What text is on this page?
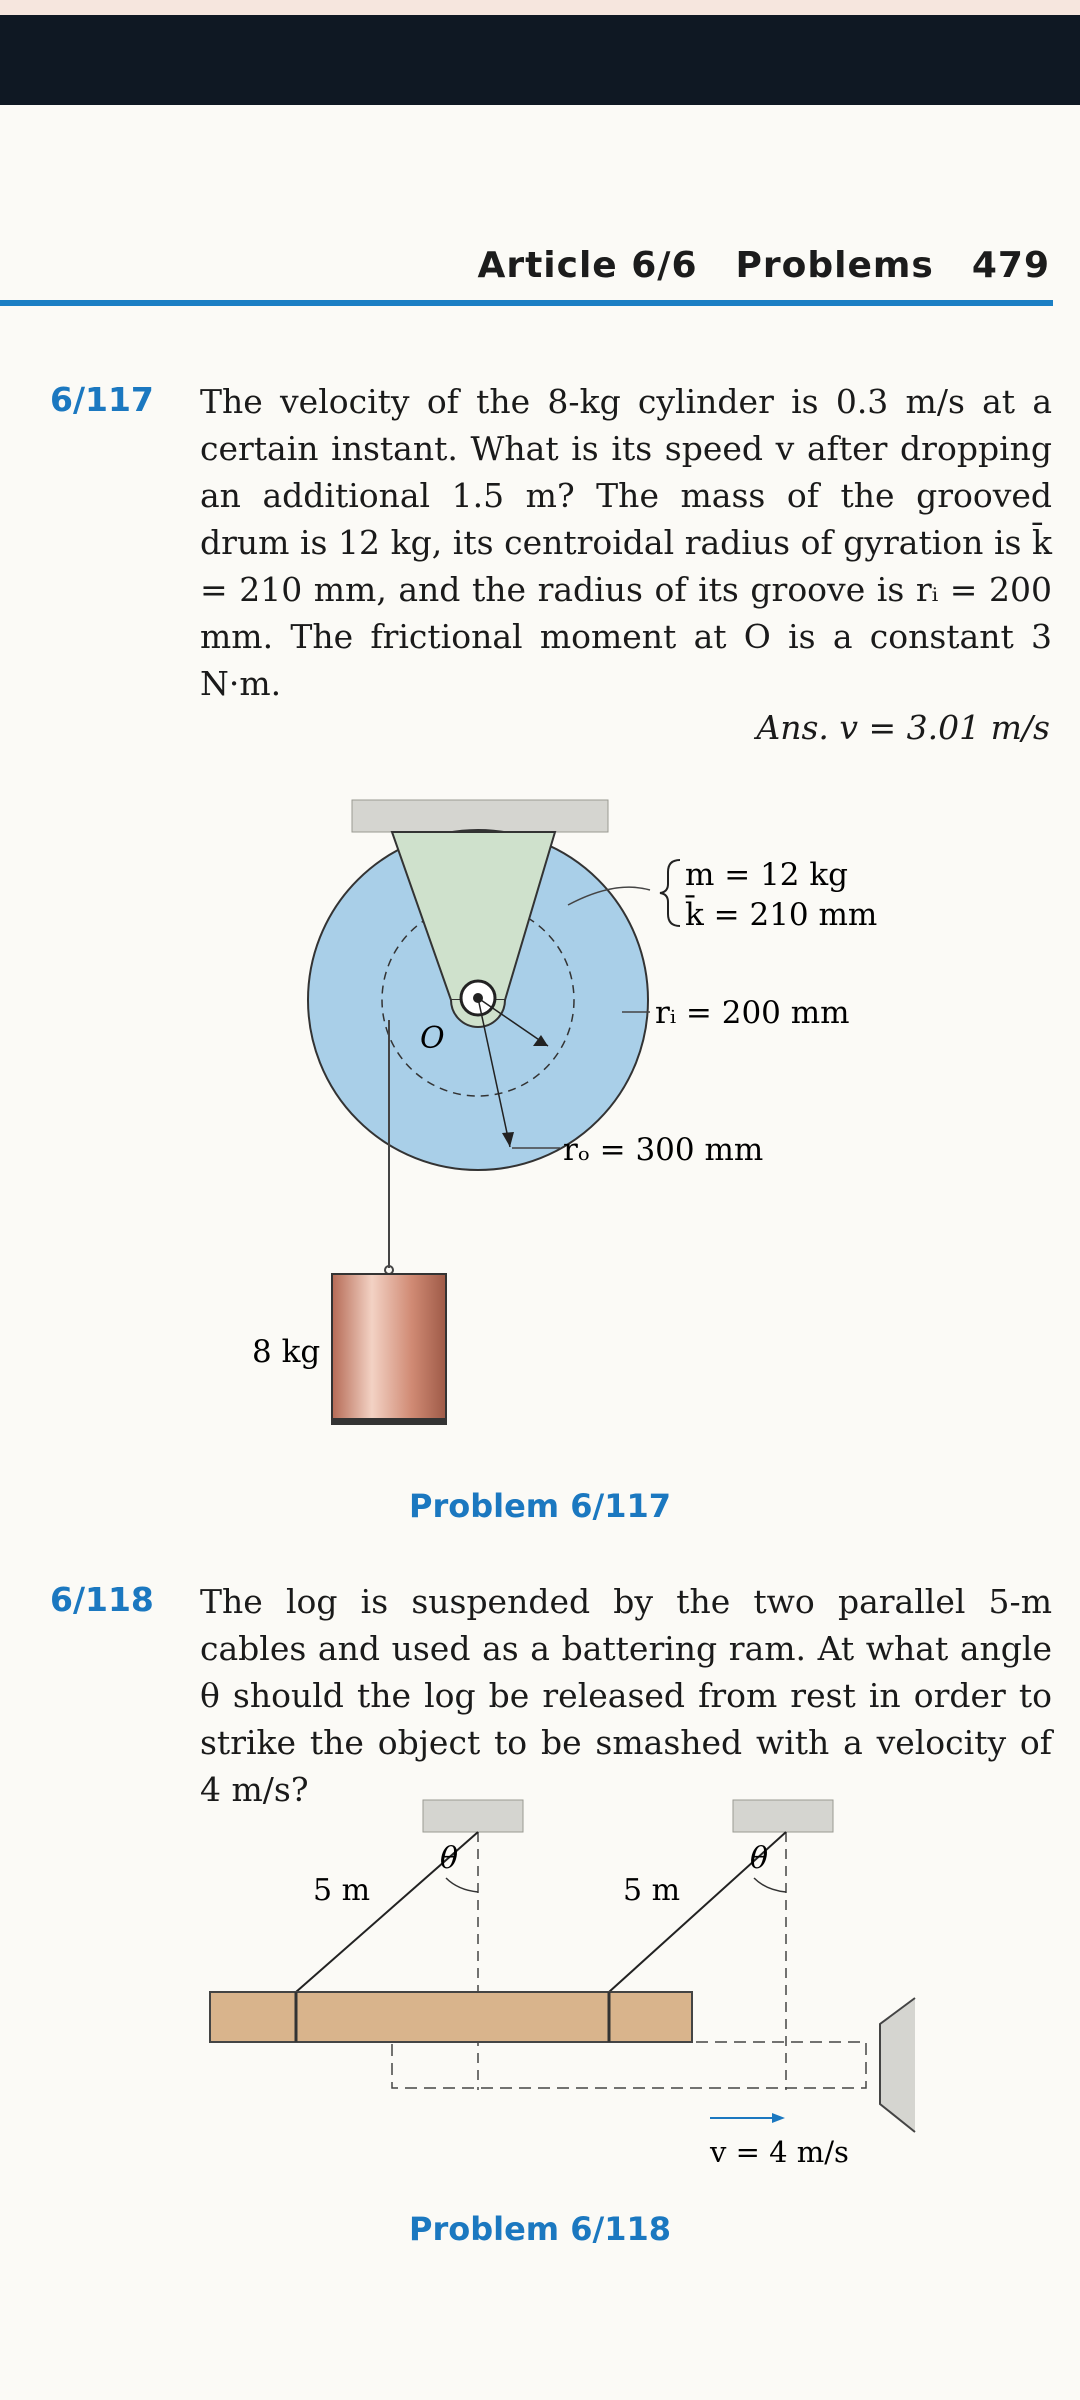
Article 6/6 Problems 479
6/117 The velocity of the 8-kg cylinder is 0.3 m/s at a certain instant. What is its speed v after dropping an additional 1.5 m? The mass of the grooved drum is 12 kg, its centroidal radius of gyration is k̄ = 210 mm, and the radius of its groove is rᵢ = 200 mm. The frictional moment at O is a constant 3 N·m.
Ans. v = 3.01 m/s
m = 12 kg
k̄ = 210 mm
rᵢ = 200 mm
rₒ = 300 mm
O
8 kg
Problem 6/117
6/118 The log is suspended by the two parallel 5-m cables and used as a battering ram. At what angle θ should the log be released from rest in order to strike the object to be smashed with a velocity of 4 m/s?
5 m	5 m
θ	θ
v = 4 m/s
Problem 6/118
